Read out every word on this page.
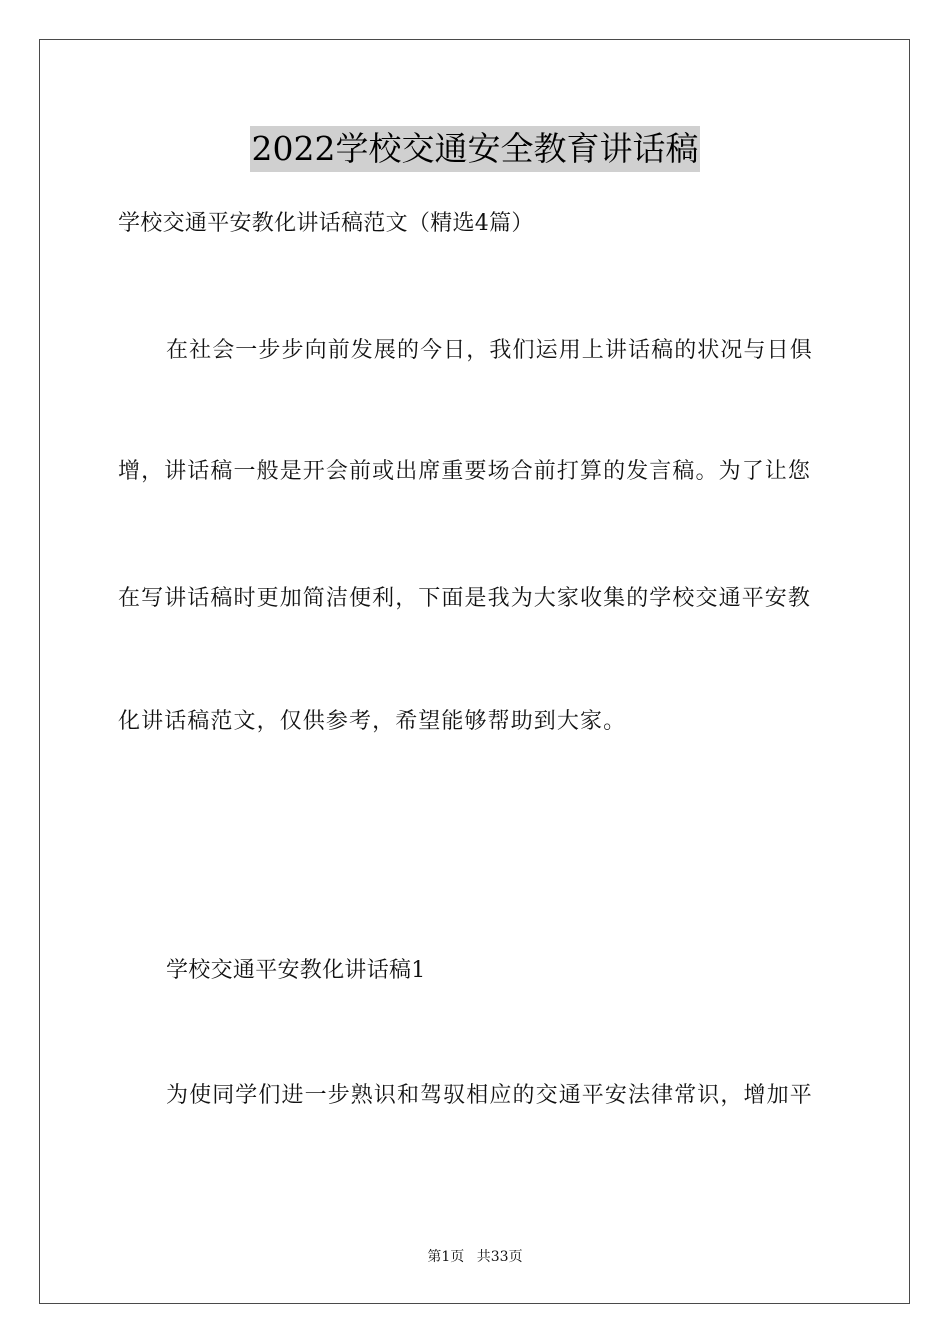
2022学校交通安全教育讲话稿

学校交通平安教化讲话稿范文（精选4篇）

在社会一步步向前发展的今日，我们运用上讲话稿的状况与日俱

增，讲话稿一般是开会前或出席重要场合前打算的发言稿。为了让您

在写讲话稿时更加简洁便利，下面是我为大家收集的学校交通平安教

化讲话稿范文，仅供参考，希望能够帮助到大家。

学校交通平安教化讲话稿1

为使同学们进一步熟识和驾驭相应的交通平安法律常识，增加平

第1页 共33页
